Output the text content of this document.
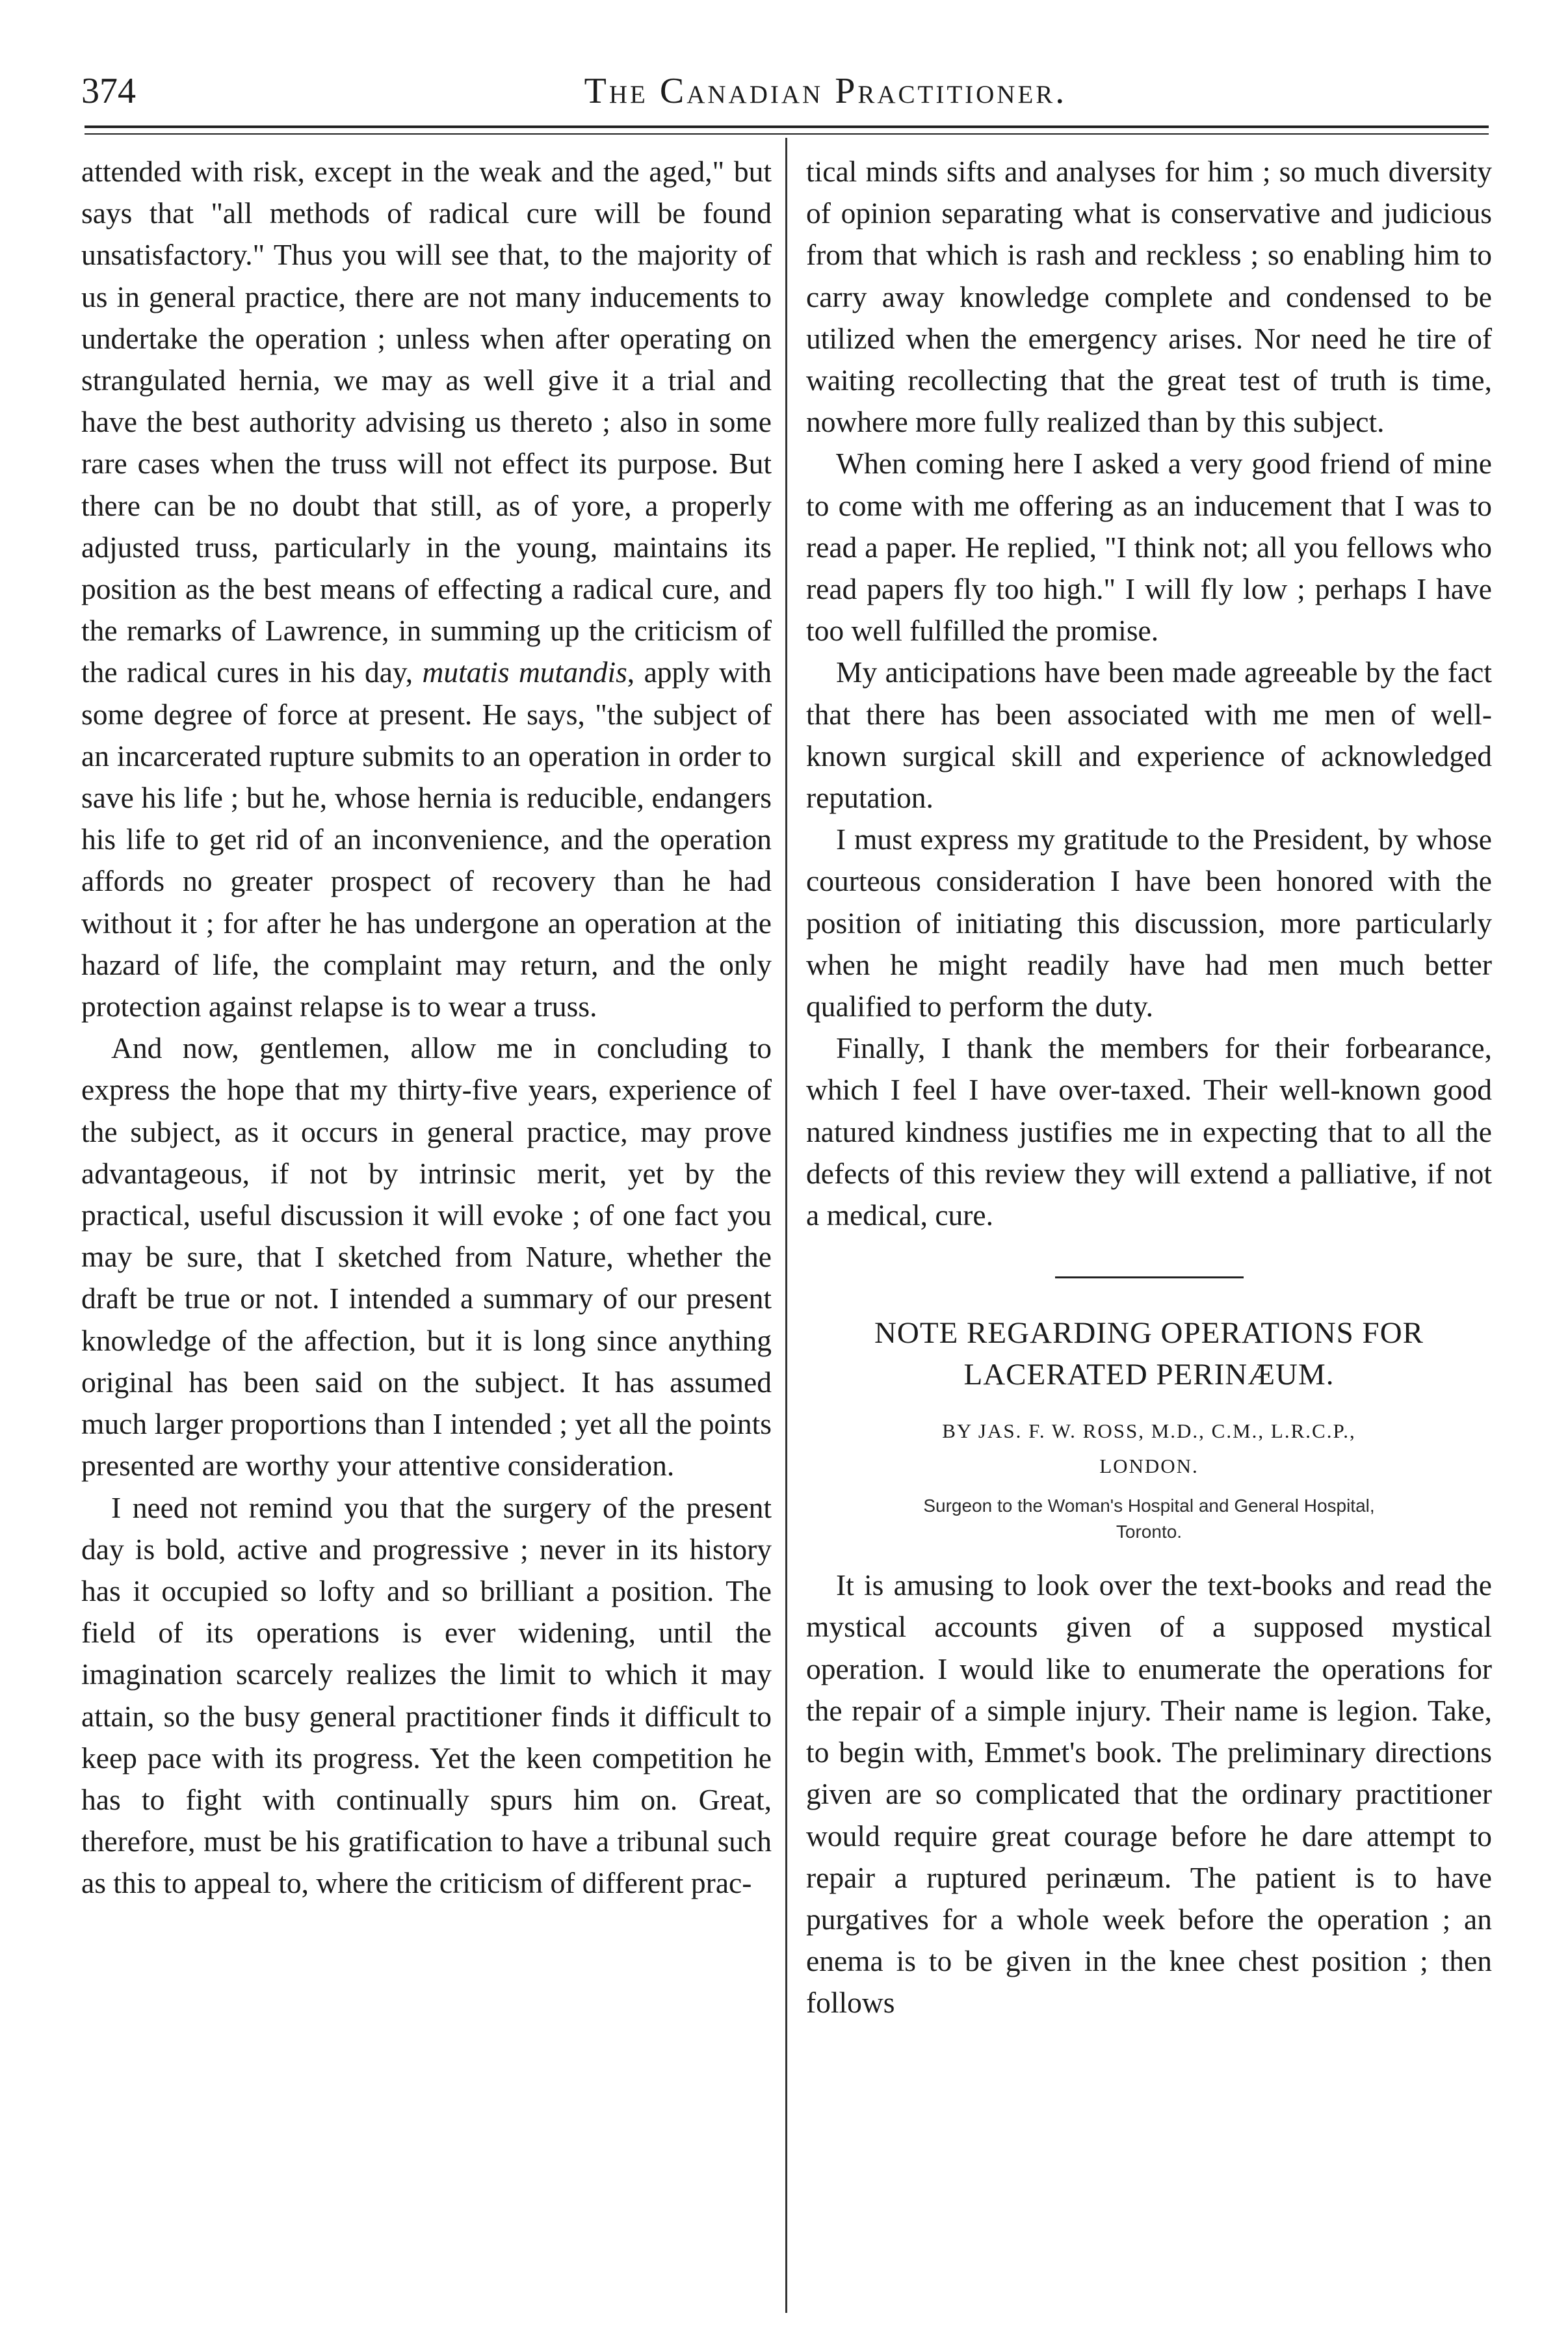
374	The Canadian Practitioner.

attended with risk, except in the weak and the aged," but says that "all methods of radical cure will be found unsatisfactory." Thus you will see that, to the majority of us in general practice, there are not many inducements to undertake the operation ; unless when after operating on strangulated hernia, we may as well give it a trial and have the best authority advising us thereto ; also in some rare cases when the truss will not effect its purpose. But there can be no doubt that still, as of yore, a properly adjusted truss, particularly in the young, maintains its position as the best means of effecting a radical cure, and the remarks of Lawrence, in summing up the criticism of the radical cures in his day, mutatis mutandis, apply with some degree of force at present. He says, "the subject of an incarcerated rupture submits to an operation in order to save his life ; but he, whose hernia is reducible, endangers his life to get rid of an inconvenience, and the operation affords no greater prospect of recovery than he had without it ; for after he has undergone an operation at the hazard of life, the complaint may return, and the only protection against relapse is to wear a truss.

And now, gentlemen, allow me in concluding to express the hope that my thirty-five years, experience of the subject, as it occurs in general practice, may prove advantageous, if not by intrinsic merit, yet by the practical, useful discussion it will evoke ; of one fact you may be sure, that I sketched from Nature, whether the draft be true or not. I intended a summary of our present knowledge of the affection, but it is long since anything original has been said on the subject. It has assumed much larger proportions than I intended ; yet all the points presented are worthy your attentive consideration.

I need not remind you that the surgery of the present day is bold, active and progressive ; never in its history has it occupied so lofty and so brilliant a position. The field of its operations is ever widening, until the imagination scarcely realizes the limit to which it may attain, so the busy general practitioner finds it difficult to keep pace with its progress. Yet the keen competition he has to fight with continually spurs him on. Great, therefore, must be his gratification to have a tribunal such as this to appeal to, where the criticism of different prac-

tical minds sifts and analyses for him ; so much diversity of opinion separating what is conservative and judicious from that which is rash and reckless ; so enabling him to carry away knowledge complete and condensed to be utilized when the emergency arises. Nor need he tire of waiting recollecting that the great test of truth is time, nowhere more fully realized than by this subject.

When coming here I asked a very good friend of mine to come with me offering as an inducement that I was to read a paper. He replied, "I think not; all you fellows who read papers fly too high." I will fly low ; perhaps I have too well fulfilled the promise.

My anticipations have been made agreeable by the fact that there has been associated with me men of well-known surgical skill and experience of acknowledged reputation.

I must express my gratitude to the President, by whose courteous consideration I have been honored with the position of initiating this discussion, more particularly when he might readily have had men much better qualified to perform the duty.

Finally, I thank the members for their forbearance, which I feel I have over-taxed. Their well-known good natured kindness justifies me in expecting that to all the defects of this review they will extend a palliative, if not a medical, cure.

NOTE REGARDING OPERATIONS FOR
LACERATED PERINÆUM.
BY JAS. F. W. ROSS, M.D., C.M., L.R.C.P.,
LONDON.
Surgeon to the Woman's Hospital and General Hospital,
Toronto.

It is amusing to look over the text-books and read the mystical accounts given of a supposed mystical operation. I would like to enumerate the operations for the repair of a simple injury. Their name is legion. Take, to begin with, Emmet's book. The preliminary directions given are so complicated that the ordinary practitioner would require great courage before he dare attempt to repair a ruptured perinæum. The patient is to have purgatives for a whole week before the operation ; an enema is to be given in the knee chest position ; then follows
